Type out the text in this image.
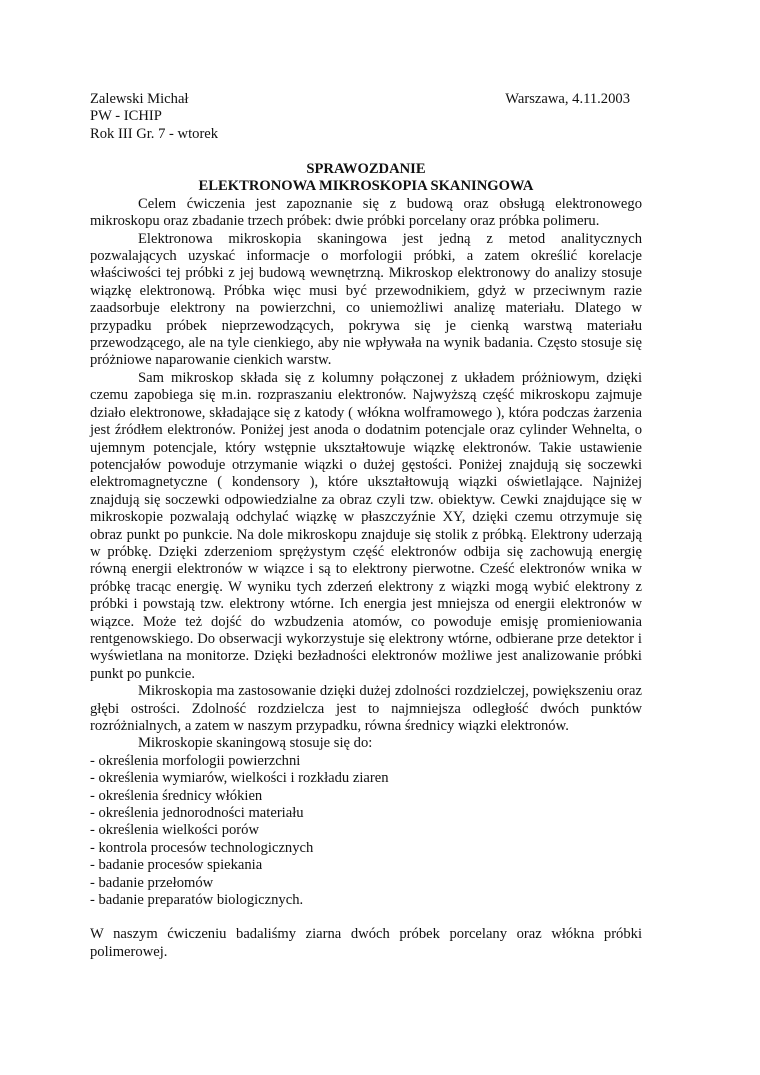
Zalewski Michał
PW - ICHIP
Rok III Gr. 7 - wtorek
Warszawa, 4.11.2003
SPRAWOZDANIE
ELEKTRONOWA MIKROSKOPIA SKANINGOWA

Celem ćwiczenia jest zapoznanie się z budową oraz obsługą elektronowego mikroskopu oraz zbadanie trzech próbek: dwie próbki porcelany oraz próbka polimeru.

Elektronowa mikroskopia skaningowa jest jedną z metod analitycznych pozwalających uzyskać informacje o morfologii próbki, a zatem określić korelacje właściwości tej próbki z jej budową wewnętrzną. Mikroskop elektronowy do analizy stosuje wiązkę elektronową. Próbka więc musi być przewodnikiem, gdyż w przeciwnym razie zaadsorbuje elektrony na powierzchni, co uniemożliwi analizę materiału. Dlatego w przypadku próbek nieprzewodzących, pokrywa się je cienką warstwą materiału przewodzącego, ale na tyle cienkiego, aby nie wpływała na wynik badania. Często stosuje się próżniowe naparowanie cienkich warstw.

Sam mikroskop składa się z kolumny połączonej z układem próżniowym, dzięki czemu zapobiega się m.in. rozpraszaniu elektronów. Najwyższą część mikroskopu zajmuje działo elektronowe, składające się z katody ( włókna wolframowego ), która podczas żarzenia jest źródłem elektronów. Poniżej jest anoda o dodatnim potencjale oraz cylinder Wehnelta, o ujemnym potencjale, który wstępnie ukształtowuje wiązkę elektronów. Takie ustawienie potencjałów powoduje otrzymanie wiązki o dużej gęstości. Poniżej znajdują się soczewki elektromagnetyczne ( kondensory ), które ukształtowują wiązki oświetlające. Najniżej znajdują się soczewki odpowiedzialne za obraz czyli tzw. obiektyw. Cewki znajdujące się w mikroskopie pozwalają odchylać wiązkę w płaszczyźnie XY, dzięki czemu otrzymuje się obraz punkt po punkcie. Na dole mikroskopu znajduje się stolik z próbką. Elektrony uderzają w próbkę. Dzięki zderzeniom sprężystym część elektronów odbija się zachowują energię równą energii elektronów w wiązce i są to elektrony pierwotne. Cześć elektronów wnika w próbkę tracąc energię. W wyniku tych zderzeń elektrony z wiązki mogą wybić elektrony z próbki i powstają tzw. elektrony wtórne. Ich energia jest mniejsza od energii elektronów w wiązce. Może też dojść do wzbudzenia atomów, co powoduje emisję promieniowania rentgenowskiego. Do obserwacji wykorzystuje się elektrony wtórne, odbierane prze detektor i wyświetlana na monitorze. Dzięki bezładności elektronów możliwe jest analizowanie próbki punkt po punkcie.

Mikroskopia ma zastosowanie dzięki dużej zdolności rozdzielczej, powiększeniu oraz głębi ostrości. Zdolność rozdzielcza jest to najmniejsza odległość dwóch punktów rozróżnialnych, a zatem w naszym przypadku, równa średnicy wiązki elektronów.

Mikroskopie skaningową stosuje się do:

- określenia morfologii powierzchni
- określenia wymiarów, wielkości i rozkładu ziaren
- określenia średnicy włókien
- określenia jednorodności materiału
- określenia wielkości porów
- kontrola procesów technologicznych
- badanie procesów spiekania
- badanie przełomów
- badanie preparatów biologicznych.

W naszym ćwiczeniu badaliśmy ziarna dwóch próbek porcelany oraz włókna próbki polimerowej.
